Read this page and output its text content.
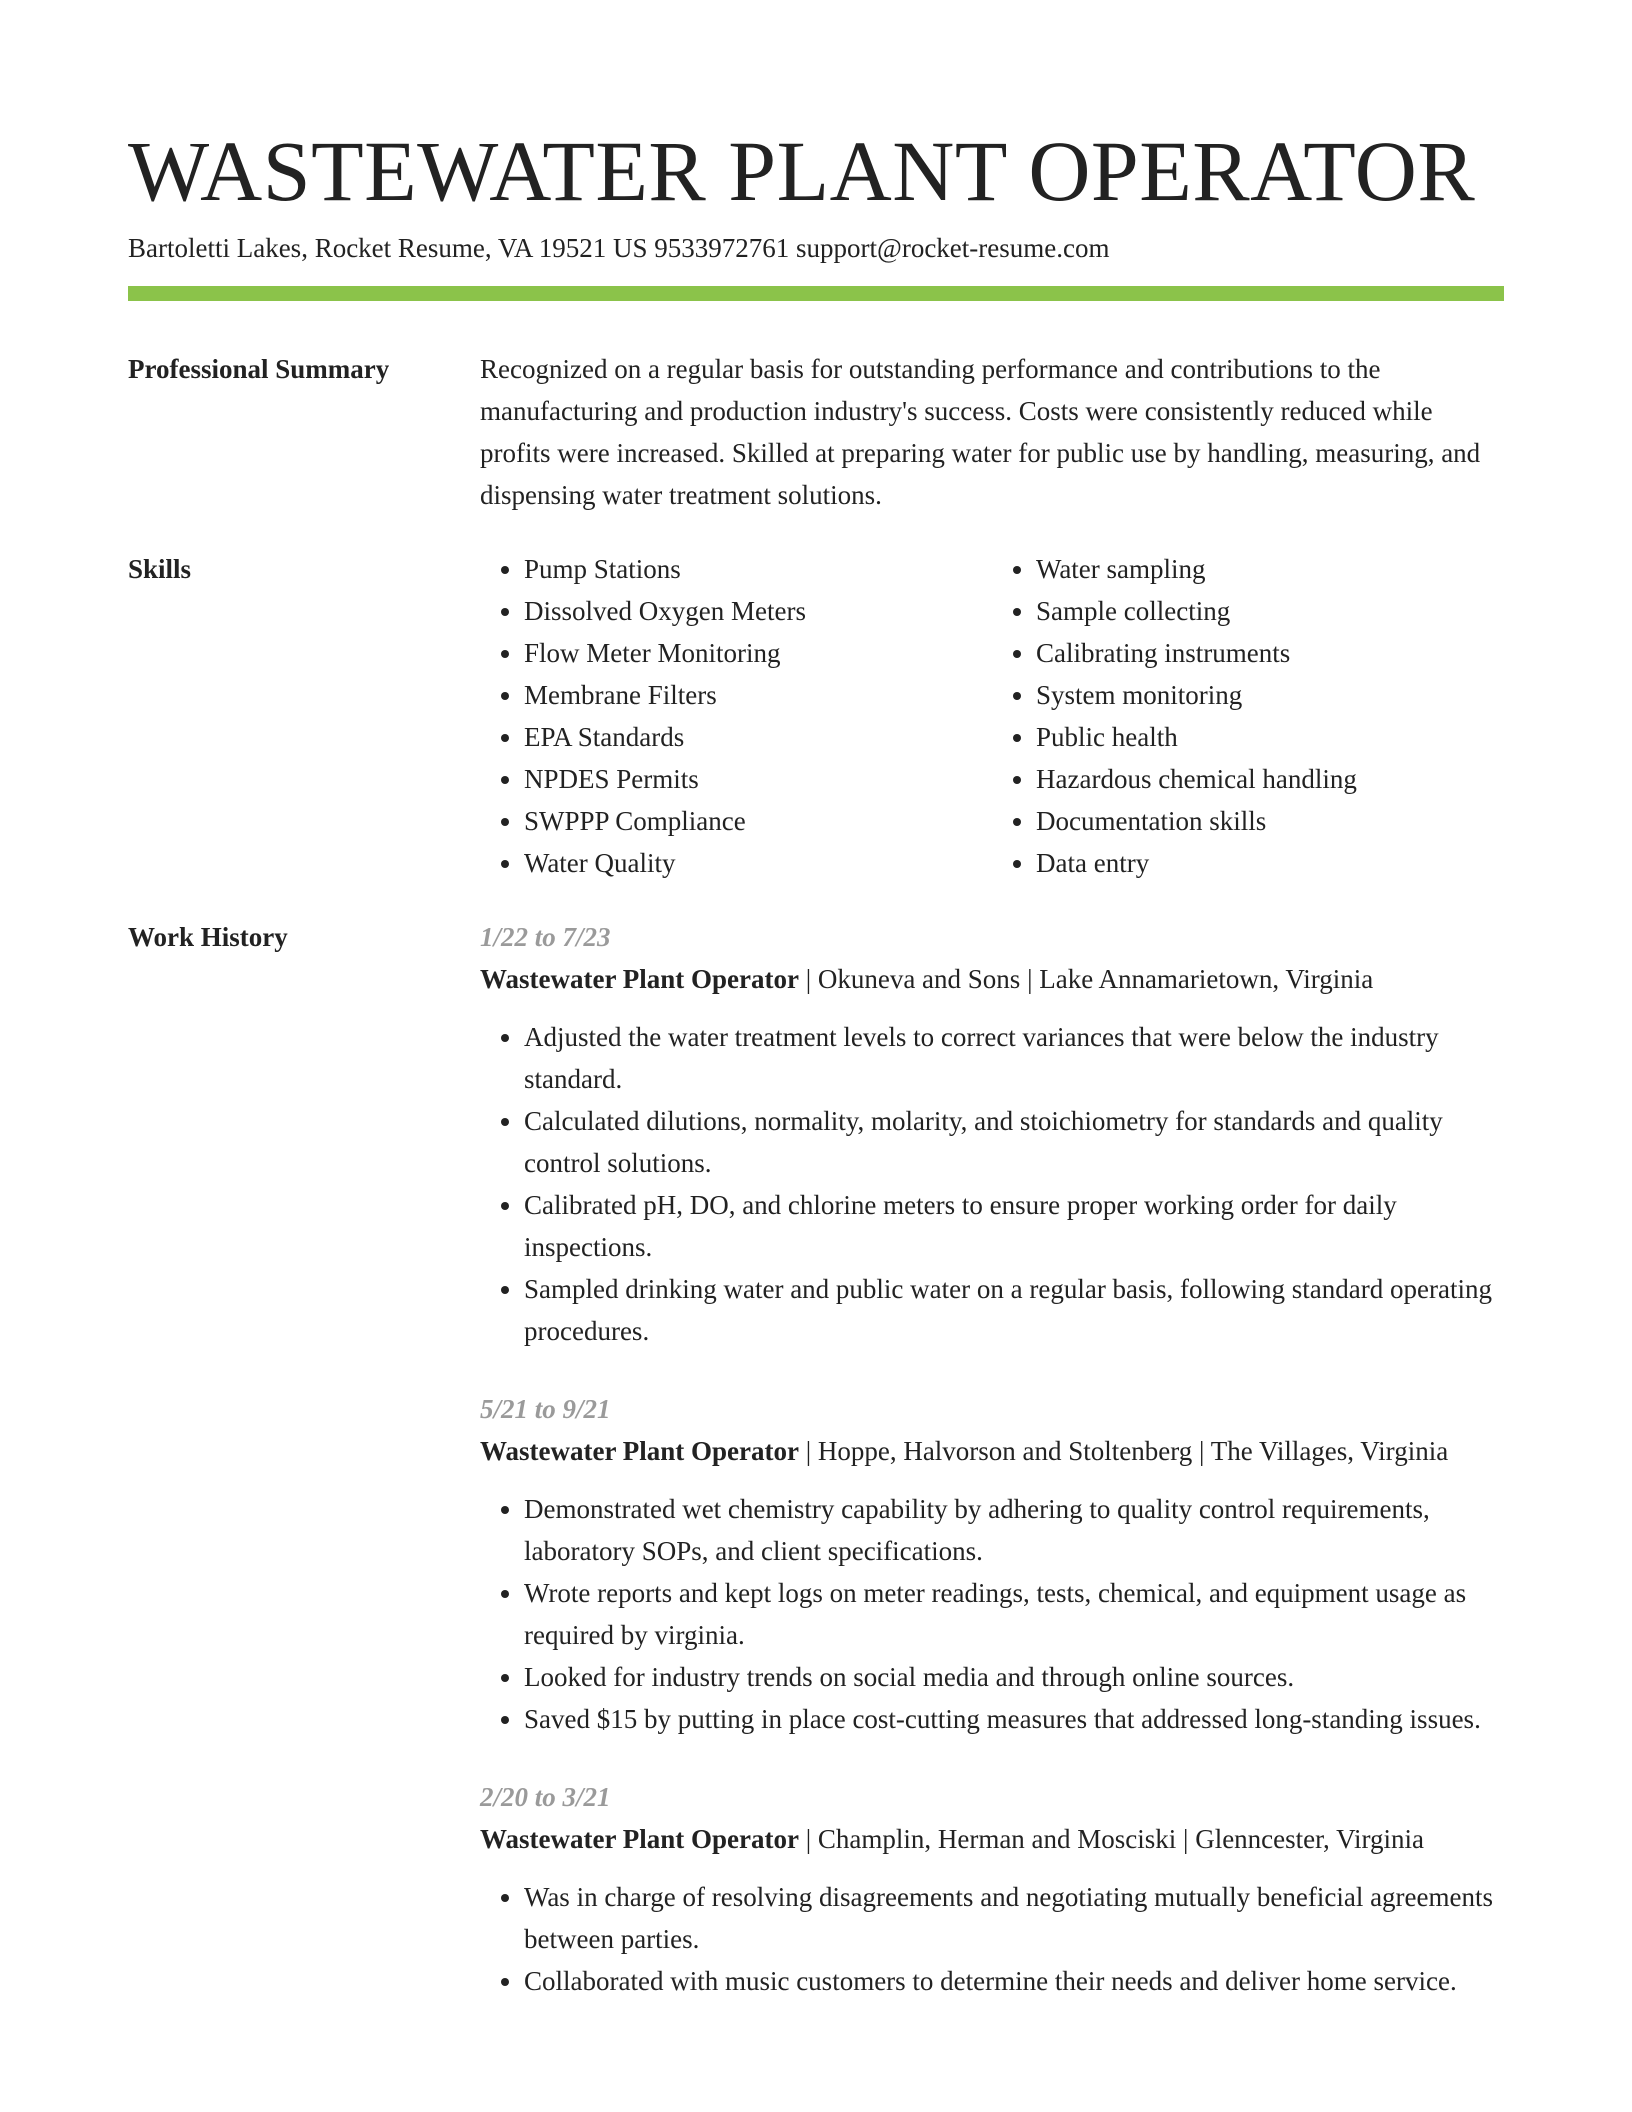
WASTEWATER PLANT OPERATOR
Bartoletti Lakes, Rocket Resume, VA 19521 US 9533972761 support@rocket-resume.com
Professional Summary	Recognized on a regular basis for outstanding performance and contributions to the manufacturing and production industry's success. Costs were consistently reduced while profits were increased. Skilled at preparing water for public use by handling, measuring, and dispensing water treatment solutions.

Skills
•	Pump Stations
• Dissolved Oxygen Meters
• Flow Meter Monitoring
• Membrane Filters
• EPA Standards
• NPDES Permits
• SWPPP Compliance
• Water Quality
• Water sampling
• Sample collecting
• Calibrating instruments
• System monitoring
• Public health
• Hazardous chemical handling
• Documentation skills
• Data entry
Work History	1/22 to 7/23
Wastewater Plant Operator | Okuneva and Sons | Lake Annamarietown, Virginia
• Adjusted the water treatment levels to correct variances that were below the industry standard.
• Calculated dilutions, normality, molarity, and stoichiometry for standards and quality control solutions.
• Calibrated pH, DO, and chlorine meters to ensure proper working order for daily inspections.
• Sampled drinking water and public water on a regular basis, following standard operating procedures.
5/21 to 9/21
Wastewater Plant Operator | Hoppe, Halvorson and Stoltenberg | The Villages, Virginia
• Demonstrated wet chemistry capability by adhering to quality control requirements, laboratory SOPs, and client specifications.
• Wrote reports and kept logs on meter readings, tests, chemical, and equipment usage as required by virginia.
• Looked for industry trends on social media and through online sources.
• Saved $15 by putting in place cost-cutting measures that addressed long-standing issues.
2/20 to 3/21
Wastewater Plant Operator | Champlin, Herman and Mosciski | Glenncester, Virginia
• Was in charge of resolving disagreements and negotiating mutually beneficial agreements between parties.
• Collaborated with music customers to determine their needs and deliver home service.
